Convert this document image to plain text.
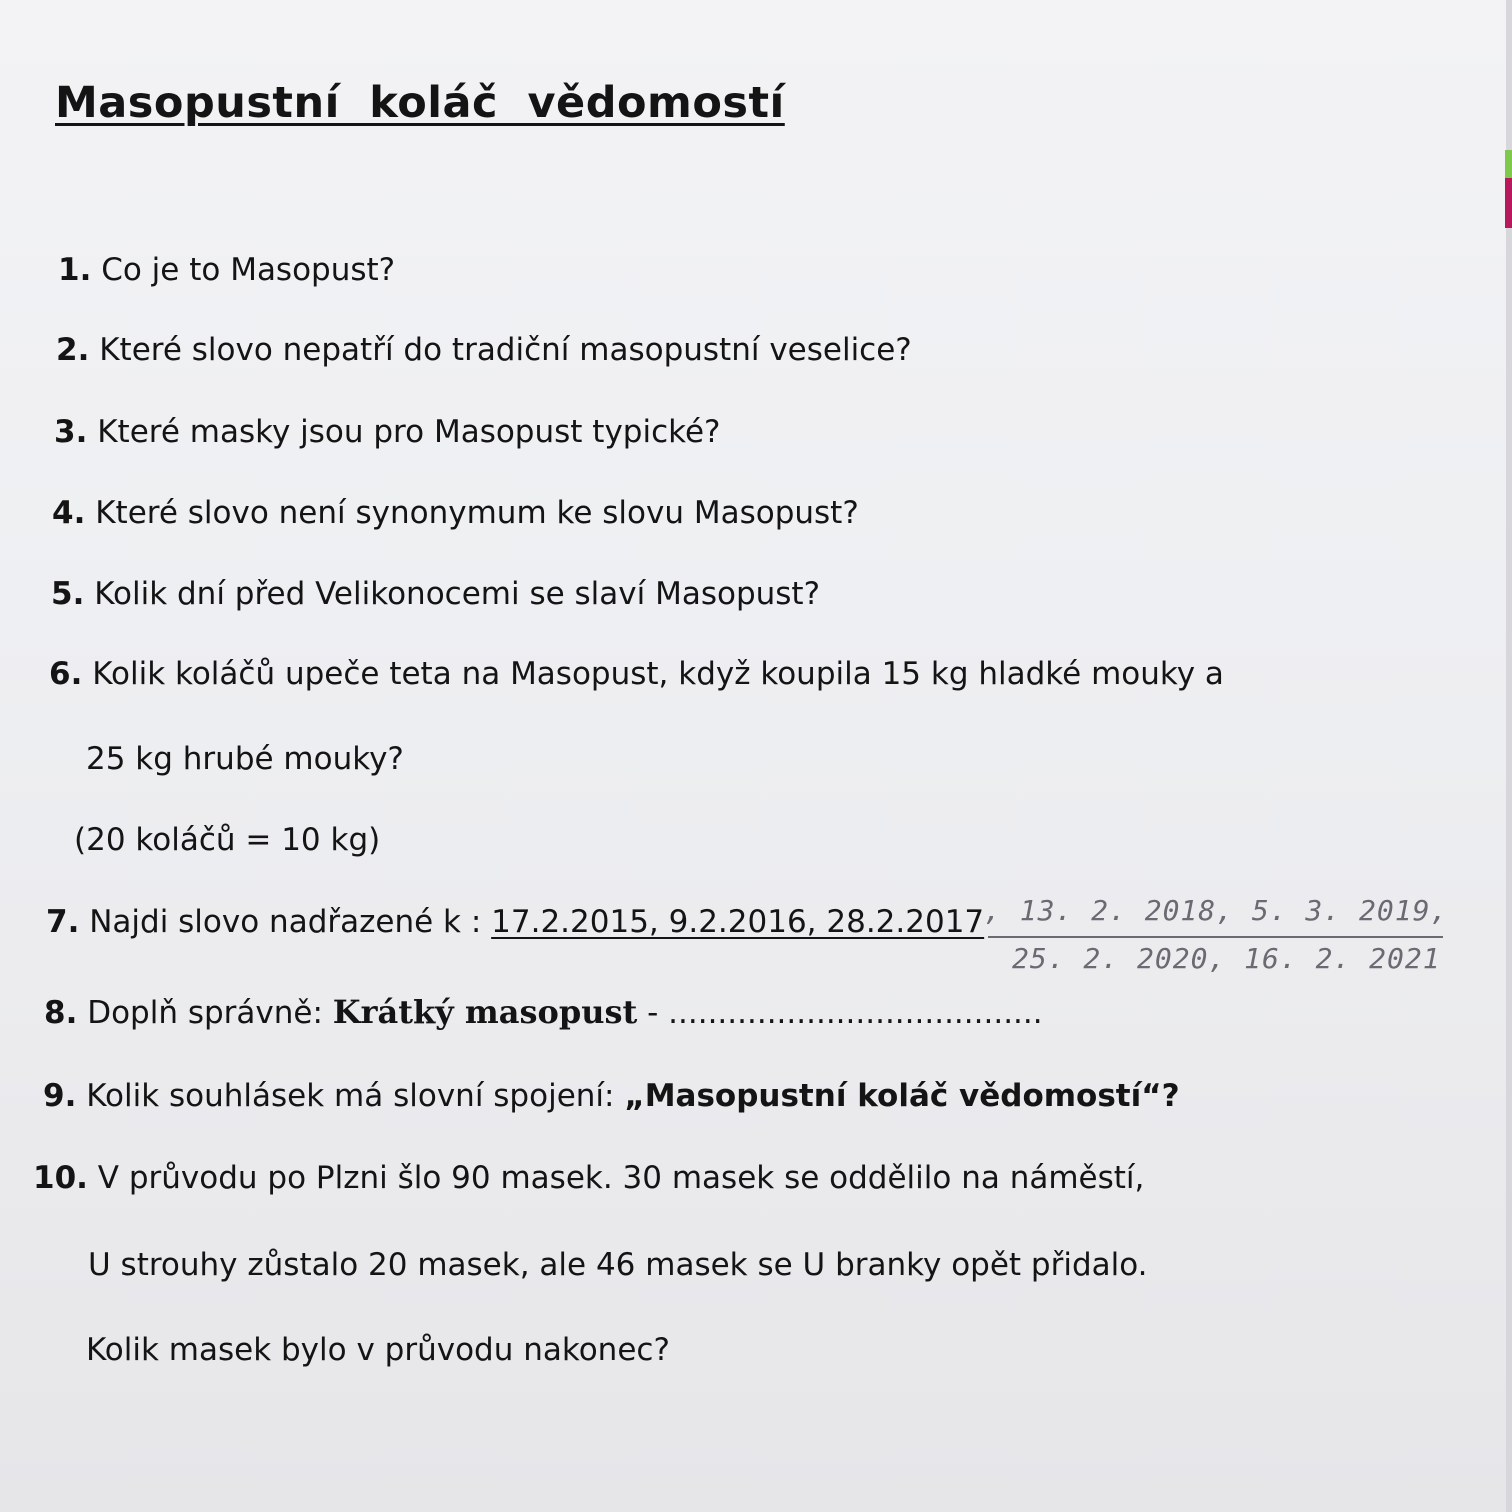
Masopustní koláč vědomostí

1. Co je to Masopust?

2. Které slovo nepatří do tradiční masopustní veselice?

3. Které masky jsou pro Masopust typické?

4. Které slovo není synonymum ke slovu Masopust?

5. Kolik dní před Velikonocemi se slaví Masopust?

6. Kolik koláčů upeče teta na Masopust, když koupila 15 kg hladké mouky a

25 kg hrubé mouky?

(20 koláčů = 10 kg)

7. Najdi slovo nadřazené k : 17.2.2015, 9.2.2016, 28.2.2017 , 13. 2. 2018, 5. 3. 2019,

25. 2. 2020, 16. 2. 2021

8. Doplň správně: Krátký masopust - ......................................

9. Kolik souhlásek má slovní spojení: „Masopustní koláč vědomostí“?

10. V průvodu po Plzni šlo 90 masek. 30 masek se oddělilo na náměstí,

U strouhy zůstalo 20 masek, ale 46 masek se U branky opět přidalo.

Kolik masek bylo v průvodu nakonec?
